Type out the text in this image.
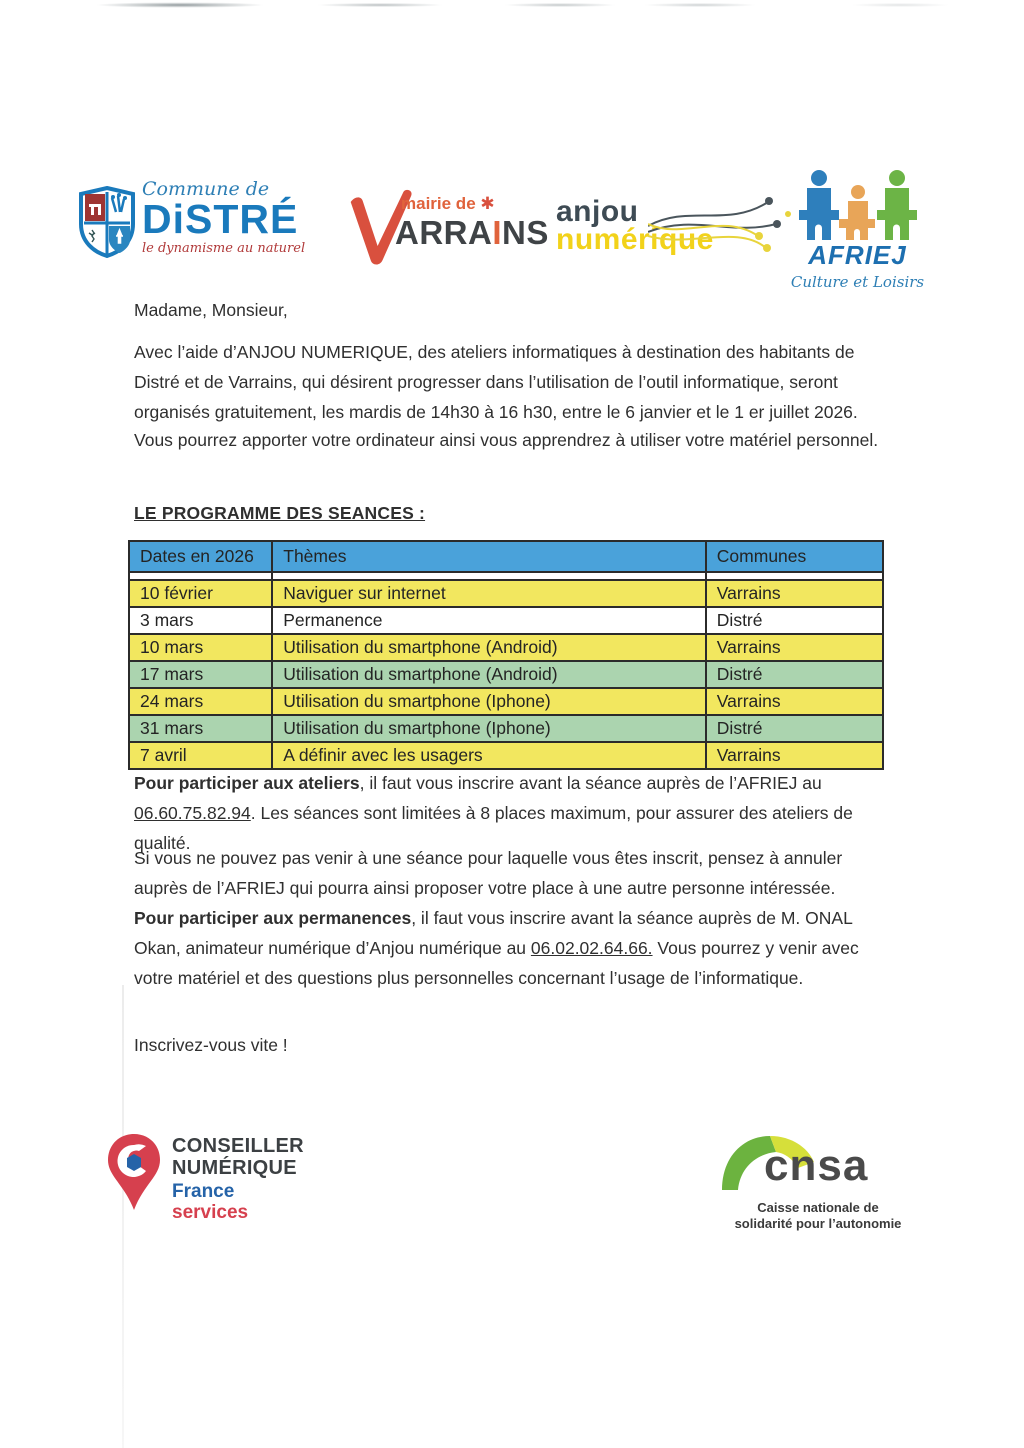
Commune de
DiSTRÉ
le dynamisme au naturel
mairie de ✱
ARRAINS
anjou
numérique	AFRIEJ
Culture et Loisirs
Madame, Monsieur,
Avec l’aide d’ANJOU NUMERIQUE, des ateliers informatiques à destination des habitants de Distré et de Varrains, qui désirent progresser dans l’utilisation de l’outil informatique, seront organisés gratuitement, les mardis de 14h30 à 16 h30, entre le 6 janvier et le 1 er juillet 2026.
Vous pourrez apporter votre ordinateur ainsi vous apprendrez à utiliser votre matériel personnel.
LE PROGRAMME DES SEANCES :
Dates en 2026	Thèmes	Communes

10 février	Naviguer sur internet	Varrains
3 mars	Permanence	Distré
10 mars	Utilisation du smartphone (Android)	Varrains
17 mars	Utilisation du smartphone (Android)	Distré
24 mars	Utilisation du smartphone (Iphone)	Varrains
31 mars	Utilisation du smartphone (Iphone)	Distré
7 avril	A définir avec les usagers	Varrains
Pour participer aux ateliers, il faut vous inscrire avant la séance auprès de l’AFRIEJ au 06.60.75.82.94. Les séances sont limitées à 8 places maximum, pour assurer des ateliers de qualité.
Si vous ne pouvez pas venir à une séance pour laquelle vous êtes inscrit, pensez à annuler auprès de l’AFRIEJ qui pourra ainsi proposer votre place à une autre personne intéressée.
Pour participer aux permanences, il faut vous inscrire avant la séance auprès de M. ONAL Okan, animateur numérique d’Anjou numérique au 06.02.02.64.66. Vous pourrez y venir avec votre matériel et des questions plus personnelles concernant l’usage de l’informatique.
Inscrivez-vous vite !
CONSEILLER
NUMÉRIQUE
France
services
cnsa
Caisse nationale de
solidarité pour l’autonomie
